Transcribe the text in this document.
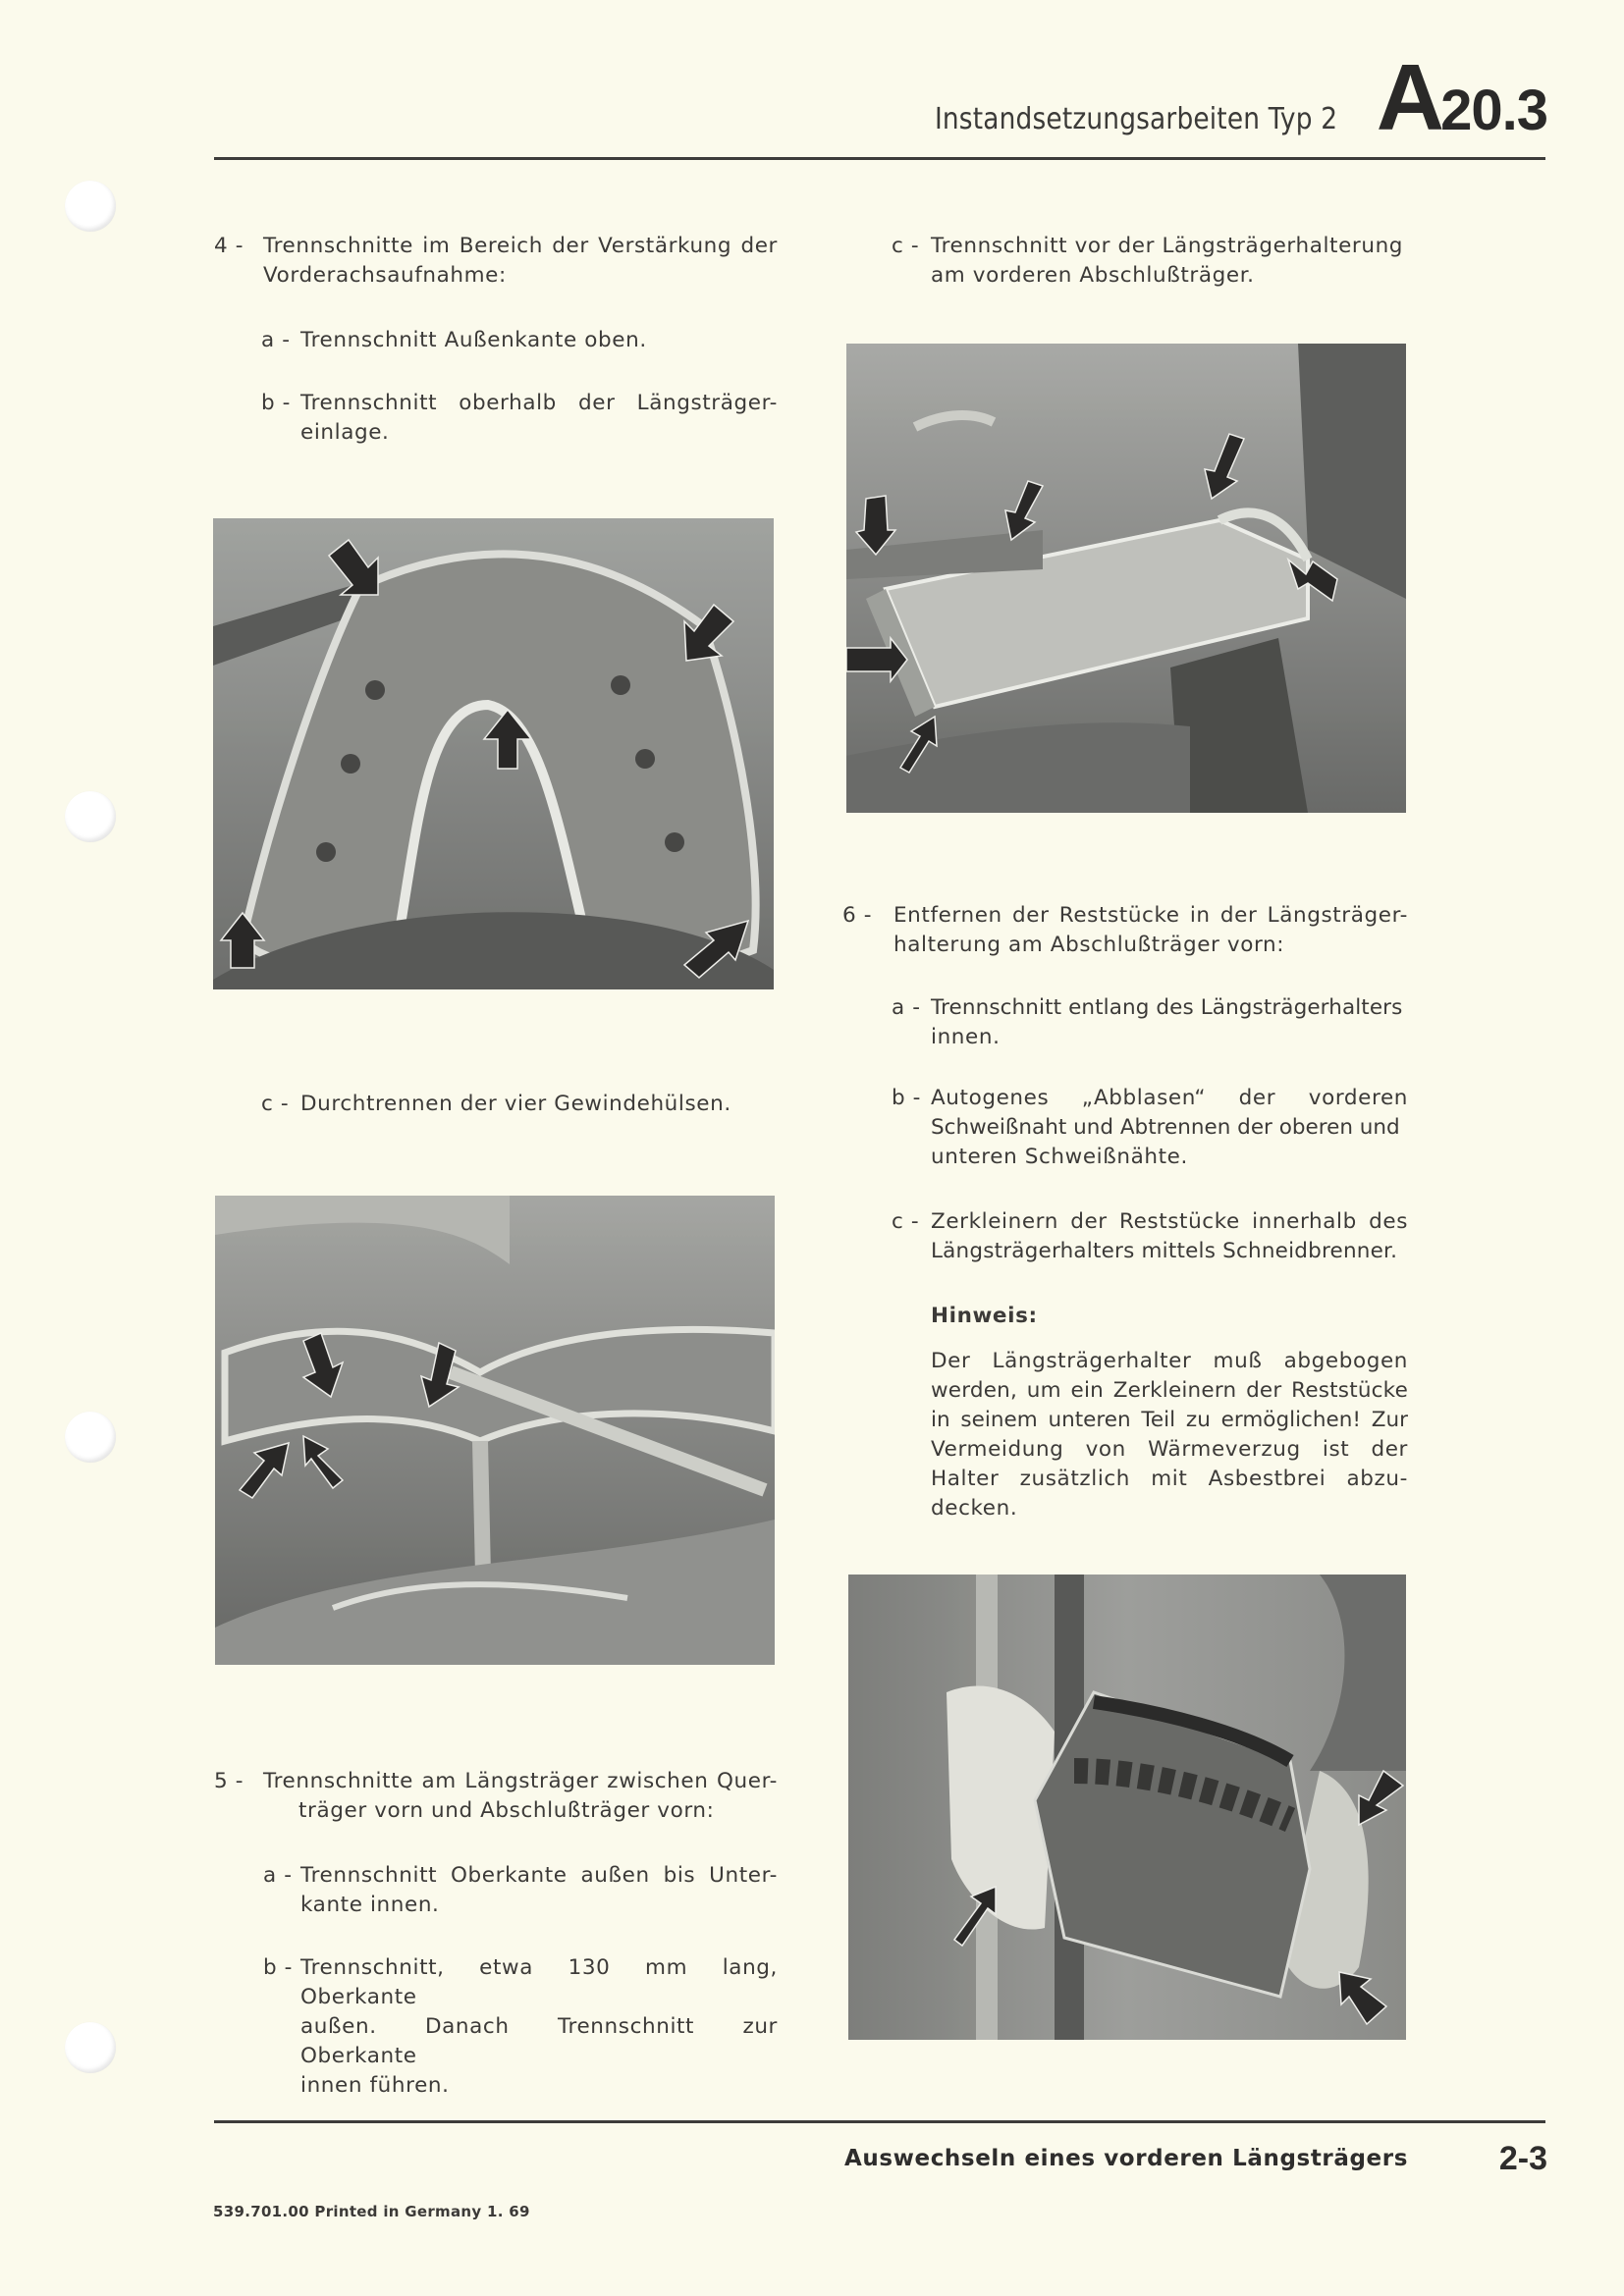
Instandsetzungsarbeiten Typ 2 A20.3
4 - Trennschnitte im Bereich der Verstärkung der
Vorderachsaufnahme:
a - Trennschnitt Außenkante oben.
b - Trennschnitt oberhalb der Längsträger-
einlage.
c - Durchtrennen der vier Gewindehülsen.
5 - Trennschnitte am Längsträger zwischen Quer-
träger vorn und Abschlußträger vorn:
a - Trennschnitt Oberkante außen bis Unter-
kante innen.
b - Trennschnitt, etwa 130 mm lang, Oberkante
außen. Danach Trennschnitt zur Oberkante
innen führen.
c - Trennschnitt vor der Längsträgerhalterung
am vorderen Abschlußträger.
6 - Entfernen der Reststücke in der Längsträger-
halterung am Abschlußträger vorn:
a - Trennschnitt entlang des Längsträgerhalters
innen.
b - Autogenes „Abblasen“ der vorderen
Schweißnaht und Abtrennen der oberen und
unteren Schweißnähte.
c - Zerkleinern der Reststücke innerhalb des
Längsträgerhalters mittels Schneidbrenner.
Hinweis:
Der Längsträgerhalter muß abgebogen
werden, um ein Zerkleinern der Reststücke
in seinem unteren Teil zu ermöglichen! Zur
Vermeidung von Wärmeverzug ist der
Halter zusätzlich mit Asbestbrei abzu-
decken.
Auswechseln eines vorderen Längsträgers	2-3
539.701.00 Printed in Germany 1. 69
